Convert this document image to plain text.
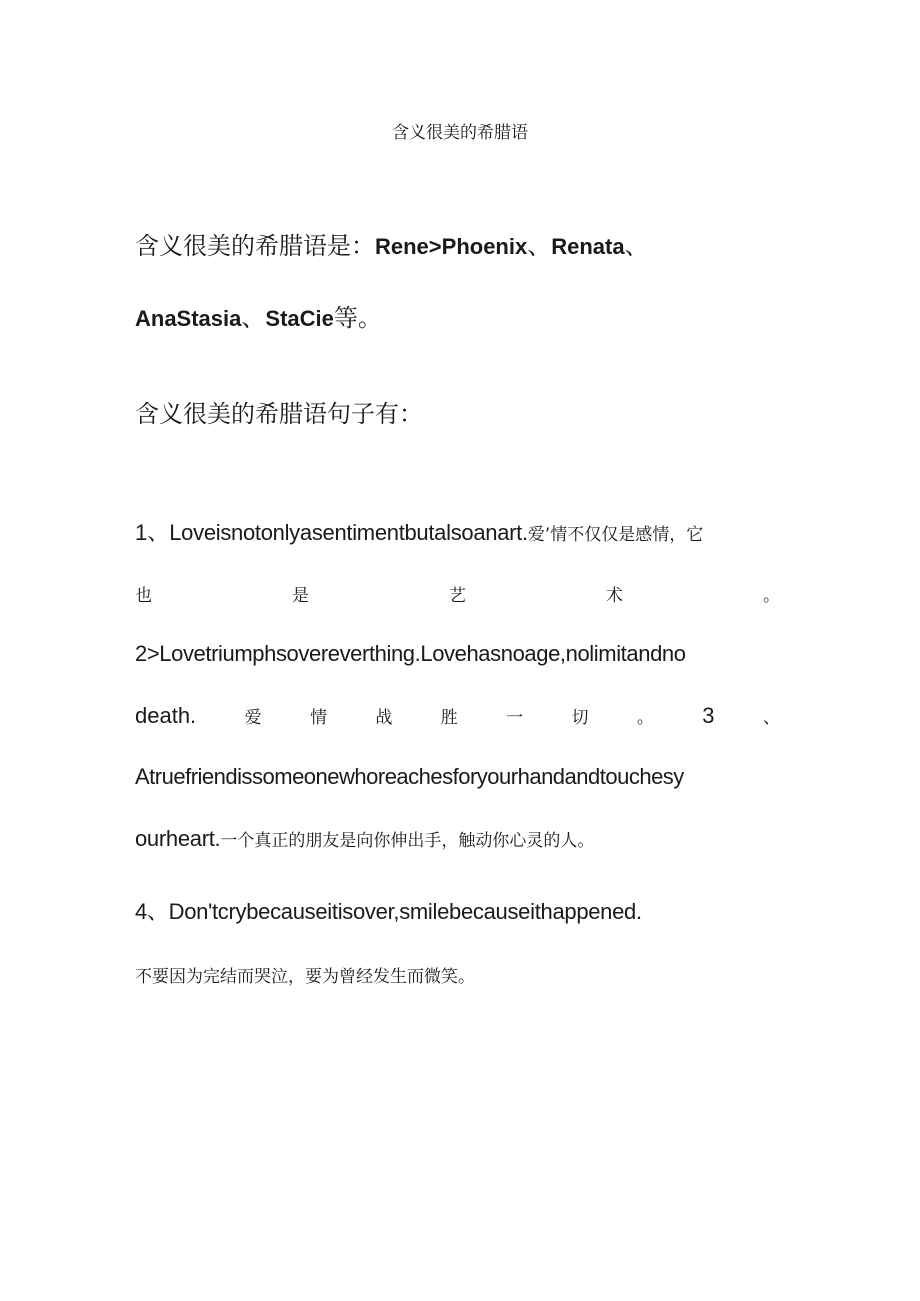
含义很美的希腊语
含义很美的希腊语是：Rene>Phoenix、Renata、
AnaStasia、StaCie等。
含义很美的希腊语句子有：
1、Loveisnotonlyasentimentbutalsoanart.爱’情不仅仅是感情，它
也	是	艺	术	。
2>Lovetriumphsovereverthing.Lovehasnoage,nolimitandno
death.	爱	情	战	胜	一	切	。 3	、
Atruefriendissomeonewhoreachesforyourhandandtouchesy
ourheart.一个真正的朋友是向你伸出手，触动你心灵的人。
4、Don'tcrybecauseitisover,smilebecauseithappened.
不要因为完结而哭泣，要为曾经发生而微笑。
